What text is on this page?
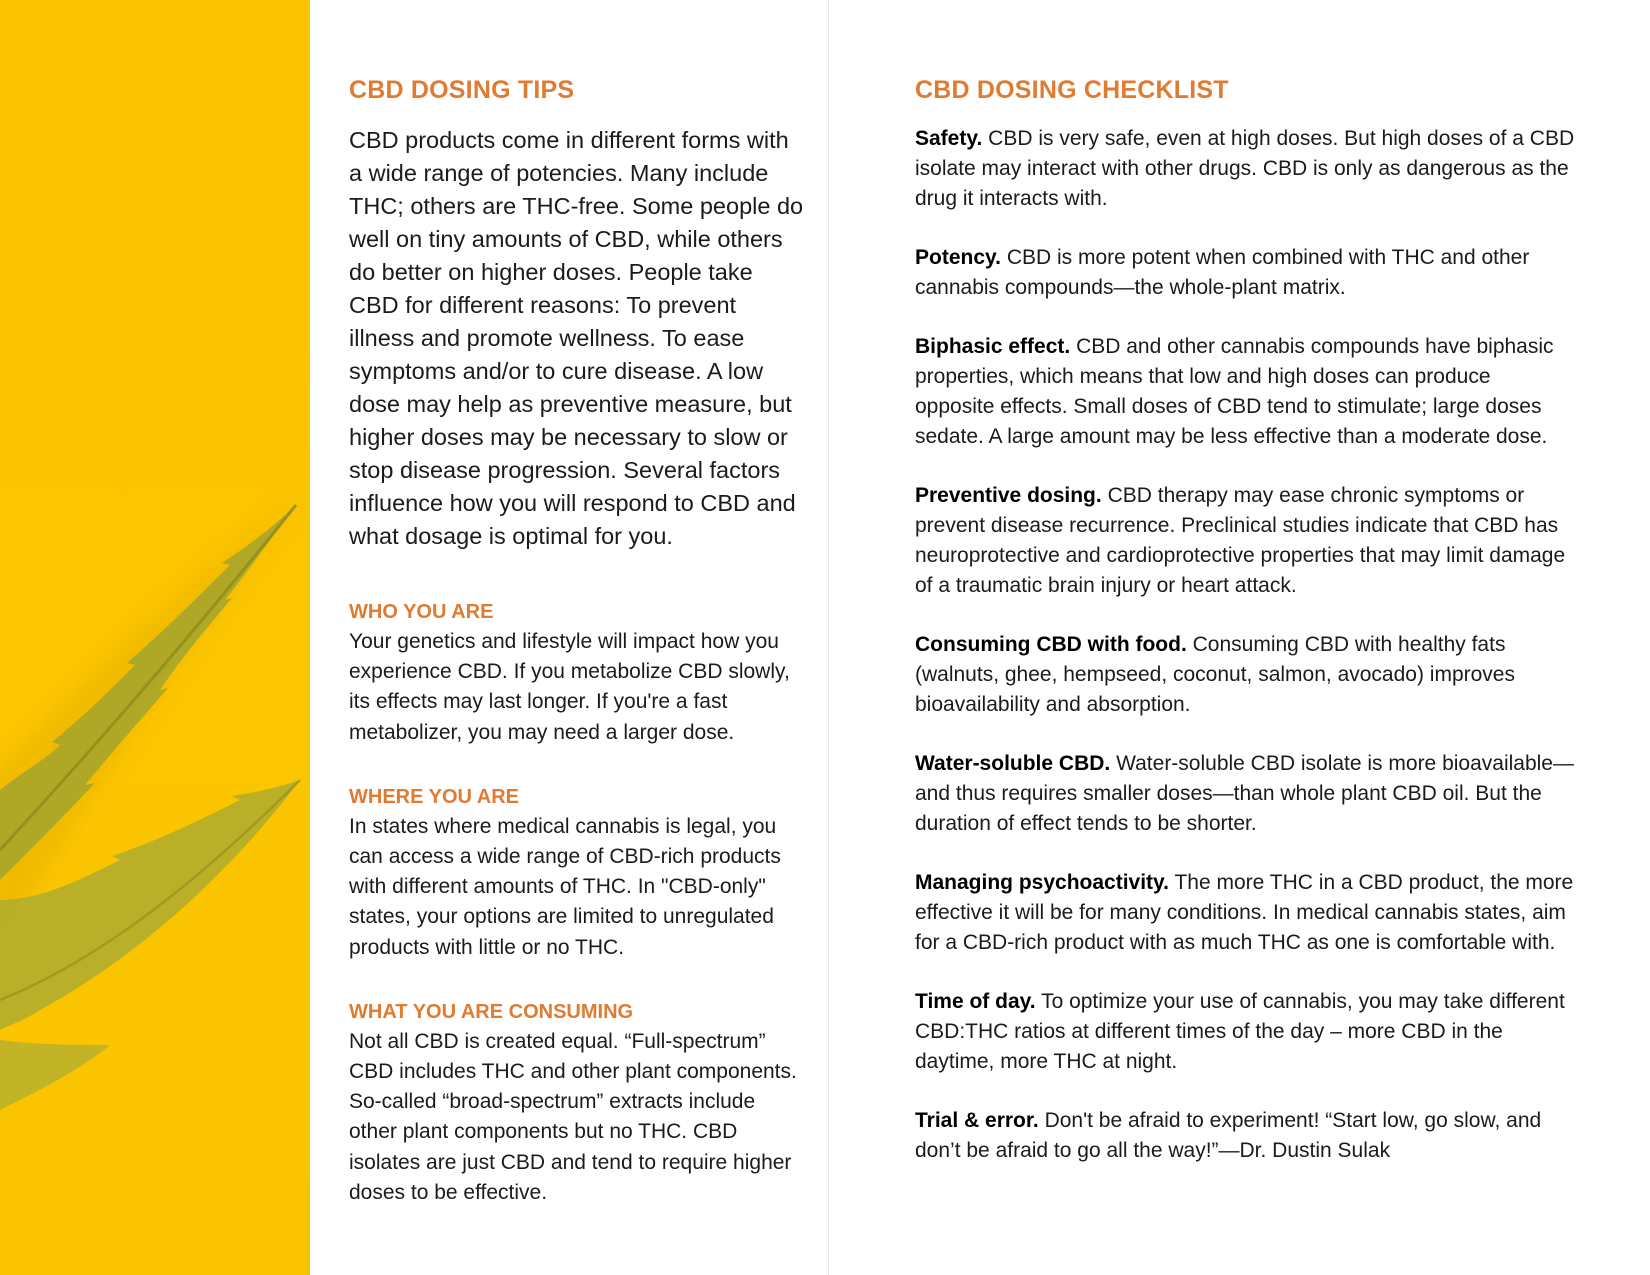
CBD DOSING TIPS

CBD products come in different forms with a wide range of potencies. Many include THC; others are THC-free. Some people do well on tiny amounts of CBD, while others do better on higher doses. People take CBD for different reasons: To prevent illness and promote wellness. To ease symptoms and/or to cure disease. A low dose may help as preventive measure, but higher doses may be necessary to slow or stop disease progression. Several factors influence how you will respond to CBD and what dosage is optimal for you.

WHO YOU ARE

Your genetics and lifestyle will impact how you experience CBD. If you metabolize CBD slowly, its effects may last longer. If you're a fast metabolizer, you may need a larger dose.

WHERE YOU ARE

In states where medical cannabis is legal, you can access a wide range of CBD-rich products with different amounts of THC. In "CBD-only" states, your options are limited to unregulated products with little or no THC.

WHAT YOU ARE CONSUMING

Not all CBD is created equal. “Full-spectrum” CBD includes THC and other plant components. So-called “broad-spectrum” extracts include other plant components but no THC. CBD isolates are just CBD and tend to require higher doses to be effective.

CBD DOSING CHECKLIST

Safety. CBD is very safe, even at high doses. But high doses of a CBD isolate may interact with other drugs. CBD is only as dangerous as the drug it interacts with.

Potency. CBD is more potent when combined with THC and other cannabis compounds—the whole-plant matrix.

Biphasic effect. CBD and other cannabis compounds have biphasic properties, which means that low and high doses can produce opposite effects. Small doses of CBD tend to stimulate; large doses sedate. A large amount may be less effective than a moderate dose.

Preventive dosing. CBD therapy may ease chronic symptoms or prevent disease recurrence. Preclinical studies indicate that CBD has neuroprotective and cardioprotective properties that may limit damage of a traumatic brain injury or heart attack.

Consuming CBD with food. Consuming CBD with healthy fats (walnuts, ghee, hempseed, coconut, salmon, avocado) improves bioavailability and absorption.

Water-soluble CBD. Water-soluble CBD isolate is more bioavailable—and thus requires smaller doses—than whole plant CBD oil. But the duration of effect tends to be shorter.

Managing psychoactivity. The more THC in a CBD product, the more effective it will be for many conditions. In medical cannabis states, aim for a CBD-rich product with as much THC as one is comfortable with.

Time of day. To optimize your use of cannabis, you may take different CBD:THC ratios at different times of the day – more CBD in the daytime, more THC at night.

Trial & error. Don't be afraid to experiment! “Start low, go slow, and don’t be afraid to go all the way!”—Dr. Dustin Sulak
